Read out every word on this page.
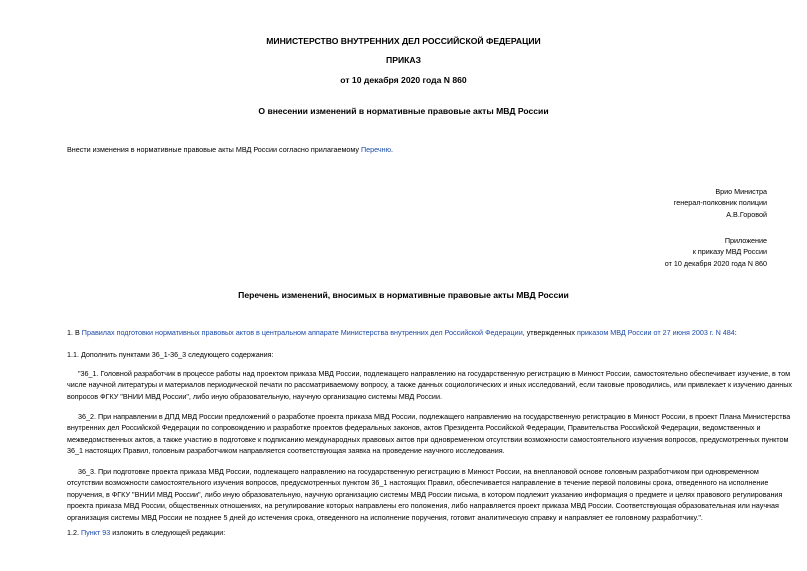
МИНИСТЕРСТВО ВНУТРЕННИХ ДЕЛ РОССИЙСКОЙ ФЕДЕРАЦИИ
ПРИКАЗ
от 10 декабря 2020 года N 860
О внесении изменений в нормативные правовые акты МВД России
Внести изменения в нормативные правовые акты МВД России согласно прилагаемому Перечню.
Врио Министра
генерал-полковник полиции
А.В.Горовой
Приложение
к приказу МВД России
от 10 декабря 2020 года N 860
Перечень изменений, вносимых в нормативные правовые акты МВД России
1. В Правилах подготовки нормативных правовых актов в центральном аппарате Министерства внутренних дел Российской Федерации, утвержденных приказом МВД России от 27 июня 2003 г. N 484:
1.1. Дополнить пунктами 36_1-36_3 следующего содержания:
"36_1. Головной разработчик в процессе работы над проектом приказа МВД России, подлежащего направлению на государственную регистрацию в Минюст России, самостоятельно обеспечивает изучение, в том
числе научной литературы и материалов периодической печати по рассматриваемому вопросу, а также данных социологических и иных исследований, если таковые проводились, или привлекает к изучению данных
вопросов ФГКУ "ВНИИ МВД России", либо иную образовательную, научную организацию системы МВД России.
36_2. При направлении в ДПД МВД России предложений о разработке проекта приказа МВД России, подлежащего направлению на государственную регистрацию в Минюст России, в проект Плана Министерства
внутренних дел Российской Федерации по сопровождению и разработке проектов федеральных законов, актов Президента Российской Федерации, Правительства Российской Федерации, ведомственных и
межведомственных актов, а также участию в подготовке к подписанию международных правовых актов при одновременном отсутствии возможности самостоятельного изучения вопросов, предусмотренных пунктом
36_1 настоящих Правил, головным разработчиком направляется соответствующая заявка на проведение научного исследования.
36_3. При подготовке проекта приказа МВД России, подлежащего направлению на государственную регистрацию в Минюст России, на внеплановой основе головным разработчиком при одновременном
отсутствии возможности самостоятельного изучения вопросов, предусмотренных пунктом 36_1 настоящих Правил, обеспечивается направление в течение первой половины срока, отведенного на исполнение
поручения, в ФГКУ "ВНИИ МВД России", либо иную образовательную, научную организацию системы МВД России письма, в котором подлежит указанию информация о предмете и целях правового регулирования
проекта приказа МВД России, общественных отношениях, на регулирование которых направлены его положения, либо направляется проект приказа МВД России. Соответствующая образовательная или научная
организация системы МВД России не позднее 5 дней до истечения срока, отведенного на исполнение поручения, готовит аналитическую справку и направляет ее головному разработчику.".
1.2. Пункт 93 изложить в следующей редакции:
